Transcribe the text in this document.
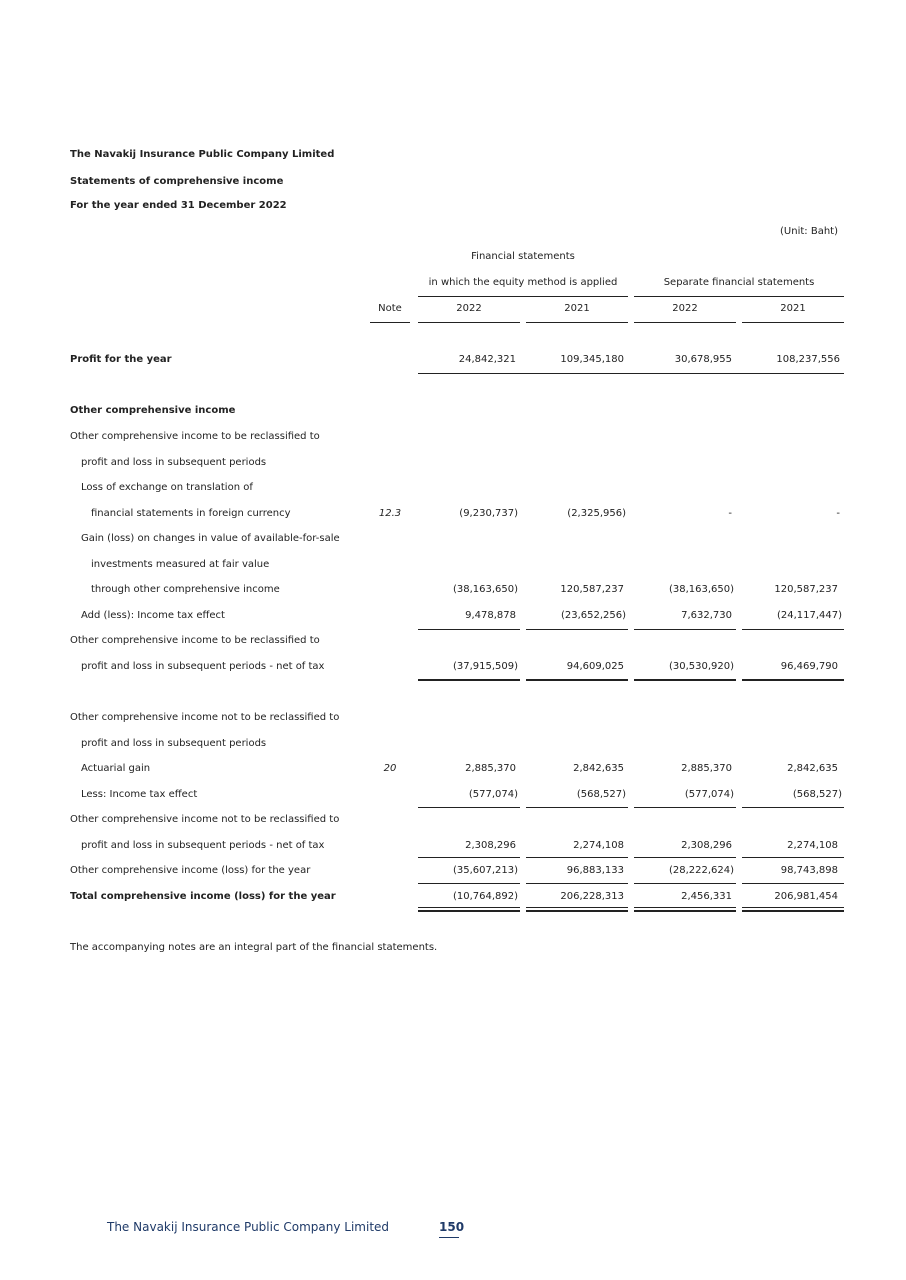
The Navakij Insurance Public Company Limited
Statements of comprehensive income
For the year ended 31 December 2022
(Unit: Baht)
Financial statements
in which the equity method is applied	Separate financial statements
Note	2022	2021	2022	2021
Profit for the year	24,842,321	109,345,180	30,678,955	108,237,556
Other comprehensive income
Other comprehensive income to be reclassified to
profit and loss in subsequent periods
Loss of exchange on translation of
financial statements in foreign currency	12.3	(9,230,737)	(2,325,956)	-	-
Gain (loss) on changes in value of available-for-sale
investments measured at fair value
through other comprehensive income	(38,163,650)	120,587,237	(38,163,650)	120,587,237
Add (less): Income tax effect	9,478,878	(23,652,256)	7,632,730	(24,117,447)
Other comprehensive income to be reclassified to
profit and loss in subsequent periods - net of tax	(37,915,509)	94,609,025	(30,530,920)	96,469,790
Other comprehensive income not to be reclassified to
profit and loss in subsequent periods
Actuarial gain	20	2,885,370	2,842,635	2,885,370	2,842,635
Less: Income tax effect	(577,074)	(568,527)	(577,074)	(568,527)
Other comprehensive income not to be reclassified to
profit and loss in subsequent periods - net of tax	2,308,296	2,274,108	2,308,296	2,274,108
Other comprehensive income (loss) for the year	(35,607,213)	96,883,133	(28,222,624)	98,743,898
Total comprehensive income (loss) for the year	(10,764,892)	206,228,313	2,456,331	206,981,454
The accompanying notes are an integral part of the financial statements.
The Navakij Insurance Public Company Limited	150
